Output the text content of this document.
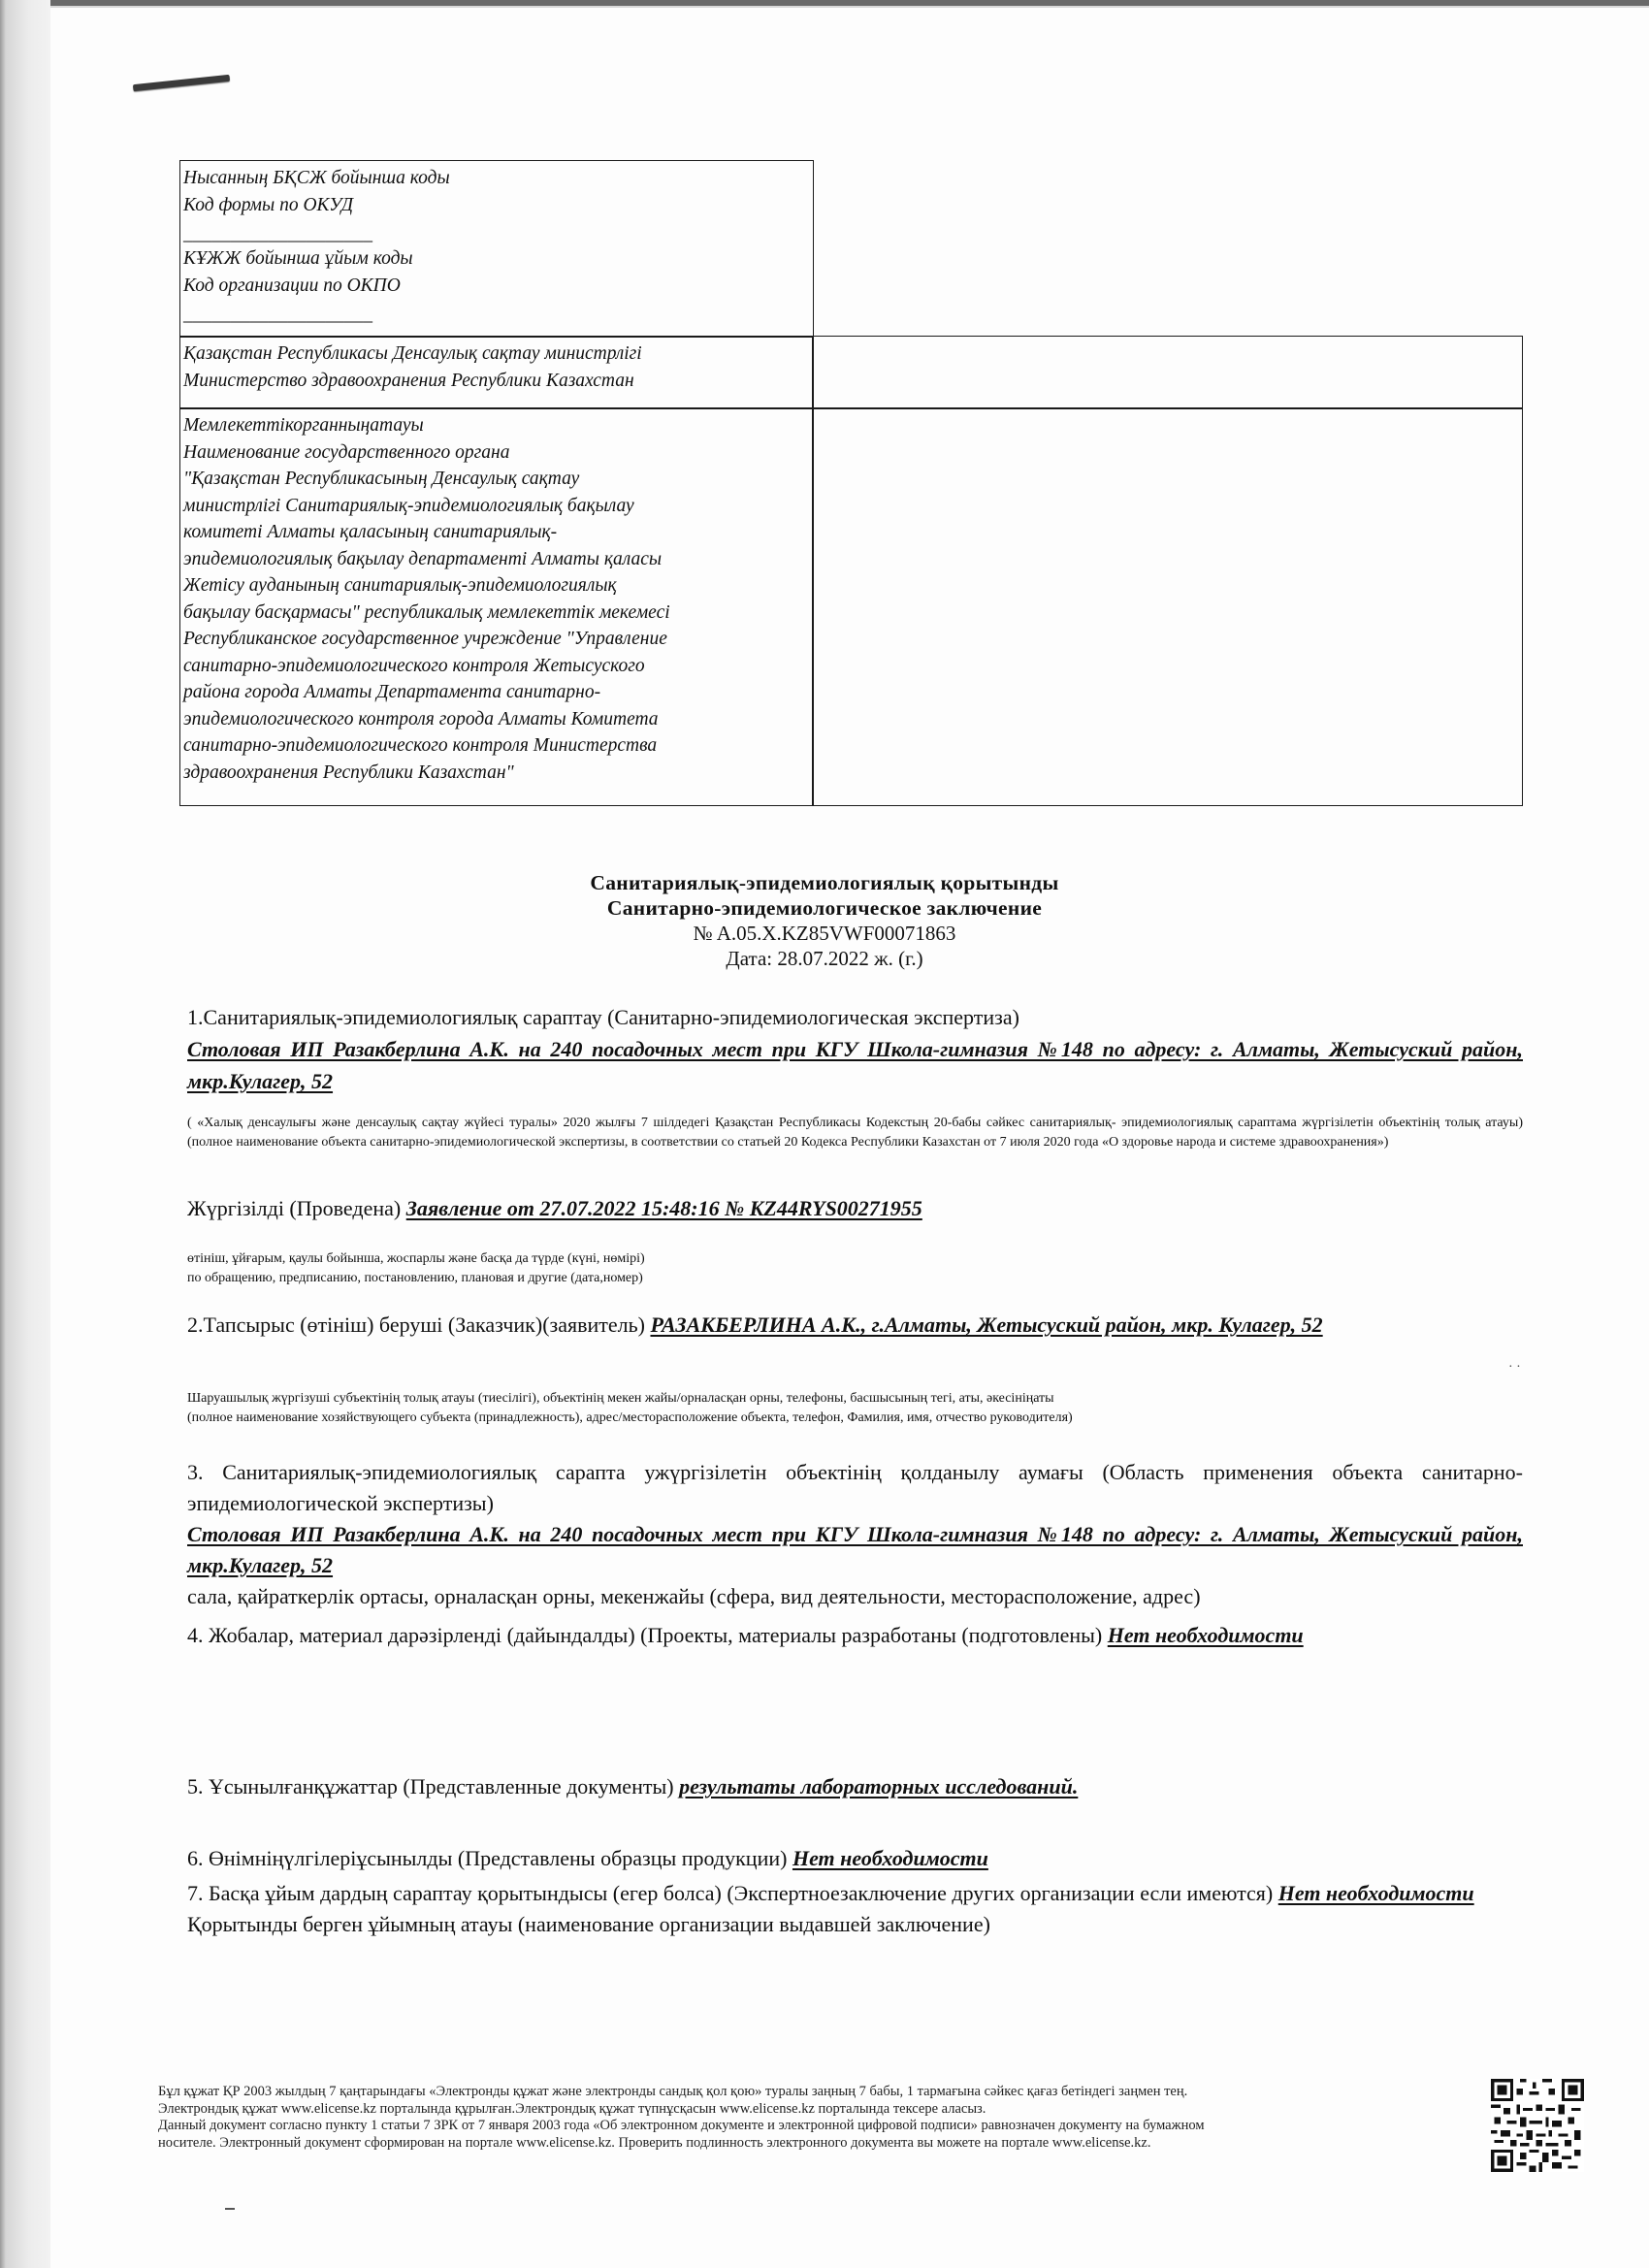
Нысанның БҚСЖ бойынша коды
Код формы по ОКУД
____________________
КҰЖЖ бойынша ұйым коды
Код организации по ОКПО
____________________
Қазақстан Республикасы Денсаулық сақтау министрлігі
Министерство здравоохранения Республики Казахстан
Мемлекеттікорганныңатауы
Наименование государственного органа
"Қазақстан Республикасының Денсаулық сақтау
министрлігі Санитариялық-эпидемиологиялық бақылау
комитеті Алматы қаласының санитариялық-
эпидемиологиялық бақылау департаменті Алматы қаласы
Жетісу ауданының санитариялық-эпидемиологиялық
бақылау басқармасы" республикалық мемлекеттік мекемесі
Республиканское государственное учреждение "Управление
санитарно-эпидемиологического контроля Жетысуского
района города Алматы Департамента санитарно-
эпидемиологического контроля города Алматы Комитета
санитарно-эпидемиологического контроля Министерства
здравоохранения Республики Казахстан"
Санитариялық-эпидемиологиялық қорытынды
Санитарно-эпидемиологическое заключение
№ A.05.X.KZ85VWF00071863
Дата: 28.07.2022 ж. (г.)
1.Санитариялық-эпидемиологиялық сараптау (Санитарно-эпидемиологическая экспертиза)
Столовая ИП Разакберлина А.К. на 240 посадочных мест при КГУ Школа-гимназия №148 по адресу: г. Алматы, Жетысуский район, мкр.Кулагер, 52
( «Халық денсаулығы және денсаулық сақтау жүйесі туралы» 2020 жылғы 7 шілдедегі Қазақстан Республикасы Кодекстың 20-бабы сәйкес санитариялық- эпидемиологиялық сараптама жүргізілетін объектінің толық атауы) (полное наименование объекта санитарно-эпидемиологической экспертизы, в соответствии со статьей 20 Кодекса Республики Казахстан от 7 июля 2020 года «О здоровье народа и системе здравоохранения»)
Жүргізілді (Проведена) Заявление от 27.07.2022 15:48:16 № KZ44RYS00271955
өтініш, ұйғарым, қаулы бойынша, жоспарлы және басқа да түрде (күні, нөмірі)
по обращению, предписанию, постановлению, плановая и другие (дата,номер)
2.Тапсырыс (өтініш) беруші (Заказчик)(заявитель) РАЗАКБЕРЛИНА А.К., г.Алматы, Жетысуский район, мкр. Кулагер, 52
· ·
Шаруашылық жүргізуші субъектінің толық атауы (тиесілігі), объектінің мекен жайы/орналасқан орны, телефоны, басшысының тегі, аты, әкесініңаты
(полное наименование хозяйствующего субъекта (принадлежность), адрес/месторасположение объекта, телефон, Фамилия, имя, отчество руководителя)
3. Санитариялық-эпидемиологиялық сарапта ужүргізілетін объектінің қолданылу аумағы (Область применения объекта санитарно-эпидемиологической экспертизы)
Столовая ИП Разакберлина А.К. на 240 посадочных мест при КГУ Школа-гимназия №148 по адресу: г. Алматы, Жетысуский район, мкр.Кулагер, 52
сала, қайраткерлік ортасы, орналасқан орны, мекенжайы (сфера, вид деятельности, месторасположение, адрес)
4. Жобалар, материал дарәзірленді (дайындалды) (Проекты, материалы разработаны (подготовлены) Нет необходимости
5. Ұсынылғанқұжаттар (Представленные документы) результаты лабораторных исследований.
6. Өнімніңүлгілеріұсынылды (Представлены образцы продукции) Нет необходимости
7. Басқа ұйым дардың сараптау қорытындысы (егер болса) (Экспертноезаключение других организации если имеются) Нет необходимости
Қорытынды берген ұйымның атауы (наименование организации выдавшей заключение)
Бұл құжат ҚР 2003 жылдың 7 қаңтарындағы «Электронды құжат және электронды сандық қол қою» туралы заңның 7 бабы, 1 тармағына сәйкес қағаз бетіндегі заңмен тең.
Электрондық құжат www.elicense.kz порталында құрылған.Электрондық құжат түпнұсқасын www.elicense.kz порталында тексере аласыз.
Данный документ согласно пункту 1 статьи 7 ЗРК от 7 января 2003 года «Об электронном документе и электронной цифровой подписи» равнозначен документу на бумажном
носителе. Электронный документ сформирован на портале www.elicense.kz. Проверить подлинность электронного документа вы можете на портале www.elicense.kz.
